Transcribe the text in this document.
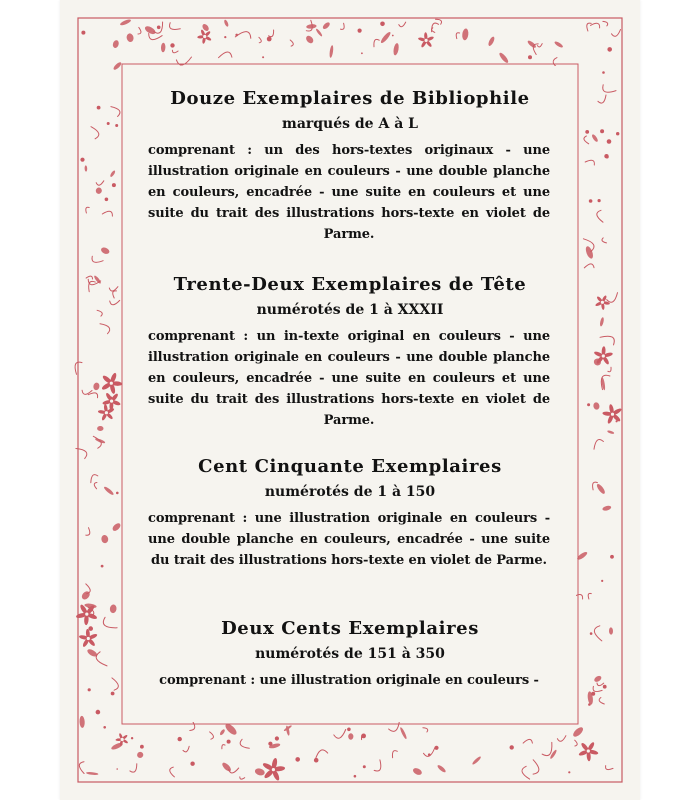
Douze Exemplaires de Bibliophile
marqués de A à L
comprenant : un des hors-textes originaux - une illustration originale en couleurs - une double planche en couleurs, encadrée - une suite en couleurs et une suite du trait des illustrations hors-texte en violet de Parme.
Trente-Deux Exemplaires de Tête
numérotés de 1 à XXXII
comprenant : un in-texte original en couleurs - une illustration originale en couleurs - une double planche en couleurs, encadrée - une suite en couleurs et une suite du trait des illustrations hors-texte en violet de Parme.
Cent Cinquante Exemplaires
numérotés de 1 à 150
comprenant : une illustration originale en couleurs - une double planche en couleurs, encadrée - une suite du trait des illustrations hors-texte en violet de Parme.
Deux Cents Exemplaires
numérotés de 151 à 350
comprenant : une illustration originale en couleurs -
